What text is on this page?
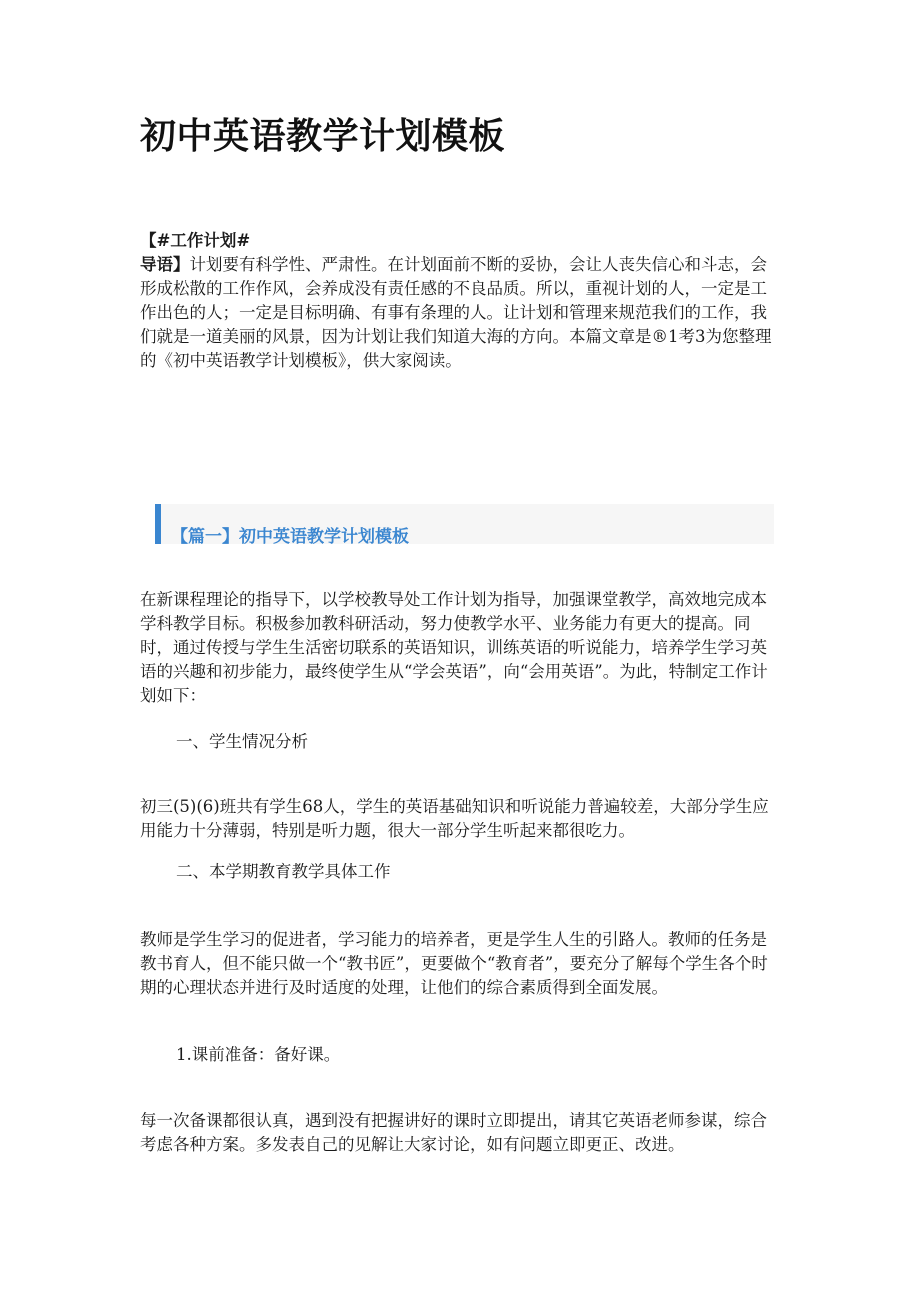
初中英语教学计划模板

【#工作计划#
导语】计划要有科学性、严肃性。在计划面前不断的妥协，会让人丧失信心和斗志，会形成松散的工作作风，会养成没有责任感的不良品质。所以，重视计划的人，一定是工作出色的人；一定是目标明确、有事有条理的人。让计划和管理来规范我们的工作，我们就是一道美丽的风景，因为计划让我们知道大海的方向。本篇文章是®1考3为您整理的《初中英语教学计划模板》，供大家阅读。

【篇一】初中英语教学计划模板

在新课程理论的指导下，以学校教导处工作计划为指导，加强课堂教学，高效地完成本学科教学目标。积极参加教科研活动，努力使教学水平、业务能力有更大的提高。同时，通过传授与学生生活密切联系的英语知识，训练英语的听说能力，培养学生学习英语的兴趣和初步能力，最终使学生从“学会英语”，向“会用英语”。为此，特制定工作计划如下：

一、学生情况分析

初三(5)(6)班共有学生68人，学生的英语基础知识和听说能力普遍较差，大部分学生应用能力十分薄弱，特别是听力题，很大一部分学生听起来都很吃力。

二、本学期教育教学具体工作

教师是学生学习的促进者，学习能力的培养者，更是学生人生的引路人。教师的任务是教书育人，但不能只做一个“教书匠”，更要做个“教育者”，要充分了解每个学生各个时期的心理状态并进行及时适度的处理，让他们的综合素质得到全面发展。

1.课前准备：备好课。

每一次备课都很认真，遇到没有把握讲好的课时立即提出，请其它英语老师参谋，综合考虑各种方案。多发表自己的见解让大家讨论，如有问题立即更正、改进。
